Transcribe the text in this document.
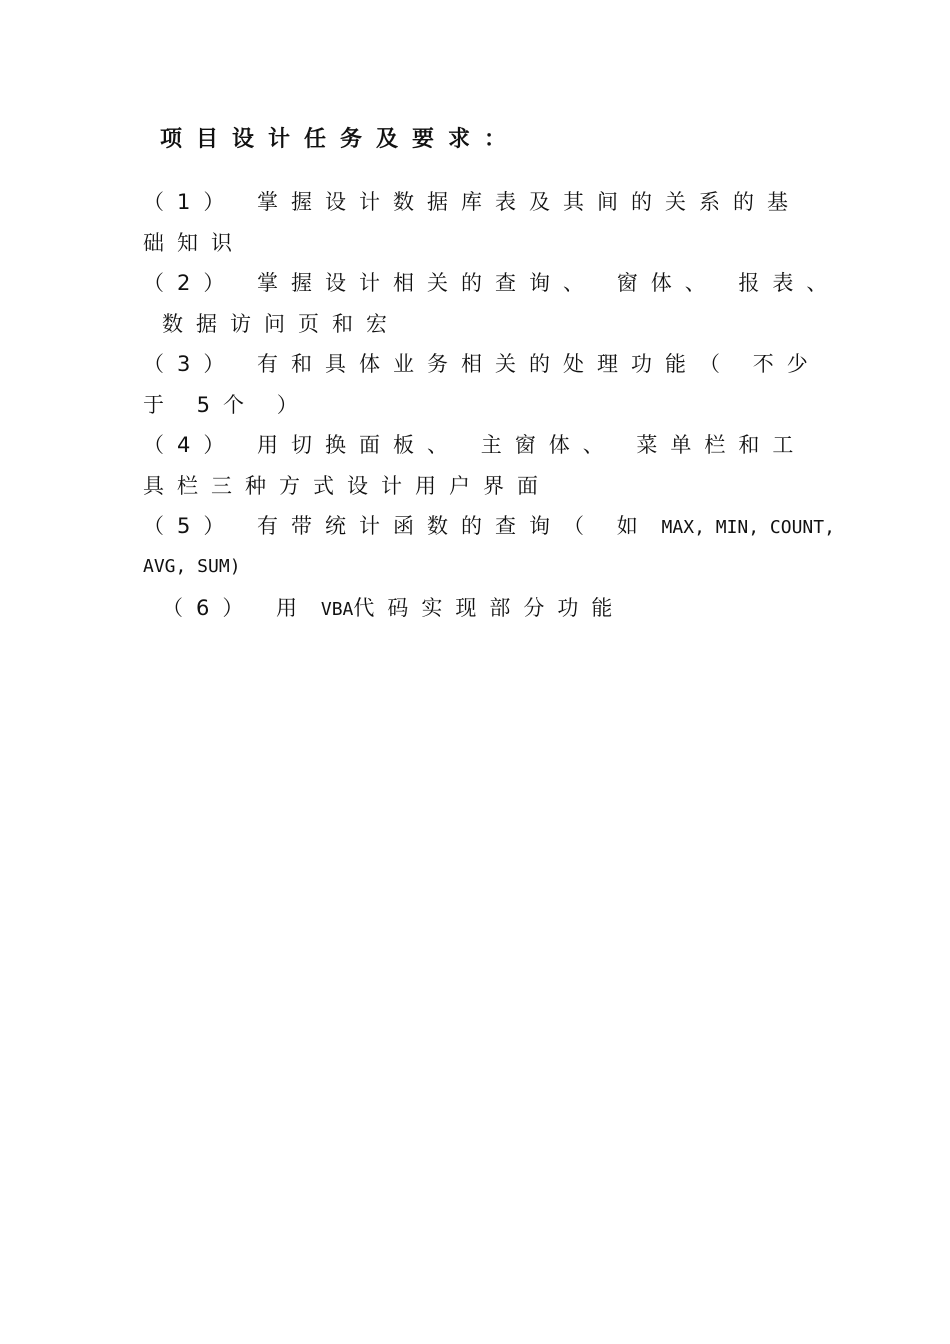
项目设计任务及要求：
（1） 掌握设计数据库表及其间的关系的基
础知识
（2） 掌握设计相关的查询、 窗体、 报表、
数据访问页和宏
（3） 有和具体业务相关的处理功能（ 不少
于 5个 ）
（4） 用切换面板、 主窗体、 菜单栏和工
具栏三种方式设计用户界面
（5） 有带统计函数的查询（ 如 MAX, MIN, COUNT,
AVG, SUM)
（6） 用 VBA代码实现部分功能
